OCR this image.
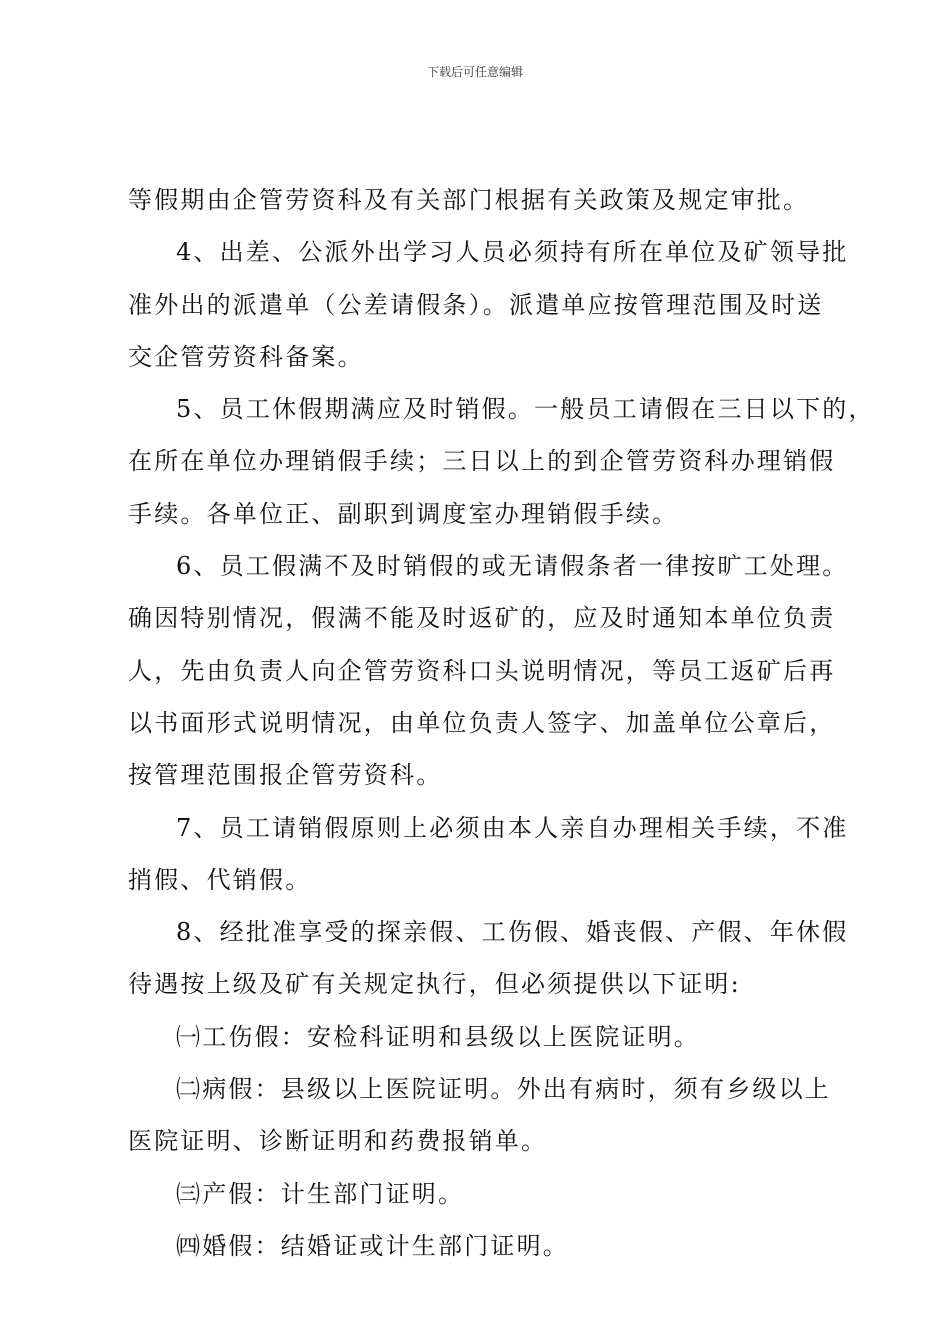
下载后可任意编辑
等假期由企管劳资科及有关部门根据有关政策及规定审批。
4、出差、公派外出学习人员必须持有所在单位及矿领导批
准外出的派遣单（公差请假条）。派遣单应按管理范围及时送
交企管劳资科备案。
5、员工休假期满应及时销假。一般员工请假在三日以下的，
在所在单位办理销假手续；三日以上的到企管劳资科办理销假
手续。各单位正、副职到调度室办理销假手续。
6、员工假满不及时销假的或无请假条者一律按旷工处理。
确因特别情况，假满不能及时返矿的，应及时通知本单位负责
人，先由负责人向企管劳资科口头说明情况，等员工返矿后再
以书面形式说明情况，由单位负责人签字、加盖单位公章后，
按管理范围报企管劳资科。
7、员工请销假原则上必须由本人亲自办理相关手续，不准
捎假、代销假。
8、经批准享受的探亲假、工伤假、婚丧假、产假、年休假
待遇按上级及矿有关规定执行，但必须提供以下证明:
㈠工伤假：安检科证明和县级以上医院证明。
㈡病假：县级以上医院证明。外出有病时，须有乡级以上
医院证明、诊断证明和药费报销单。
㈢产假：计生部门证明。
㈣婚假：结婚证或计生部门证明。
